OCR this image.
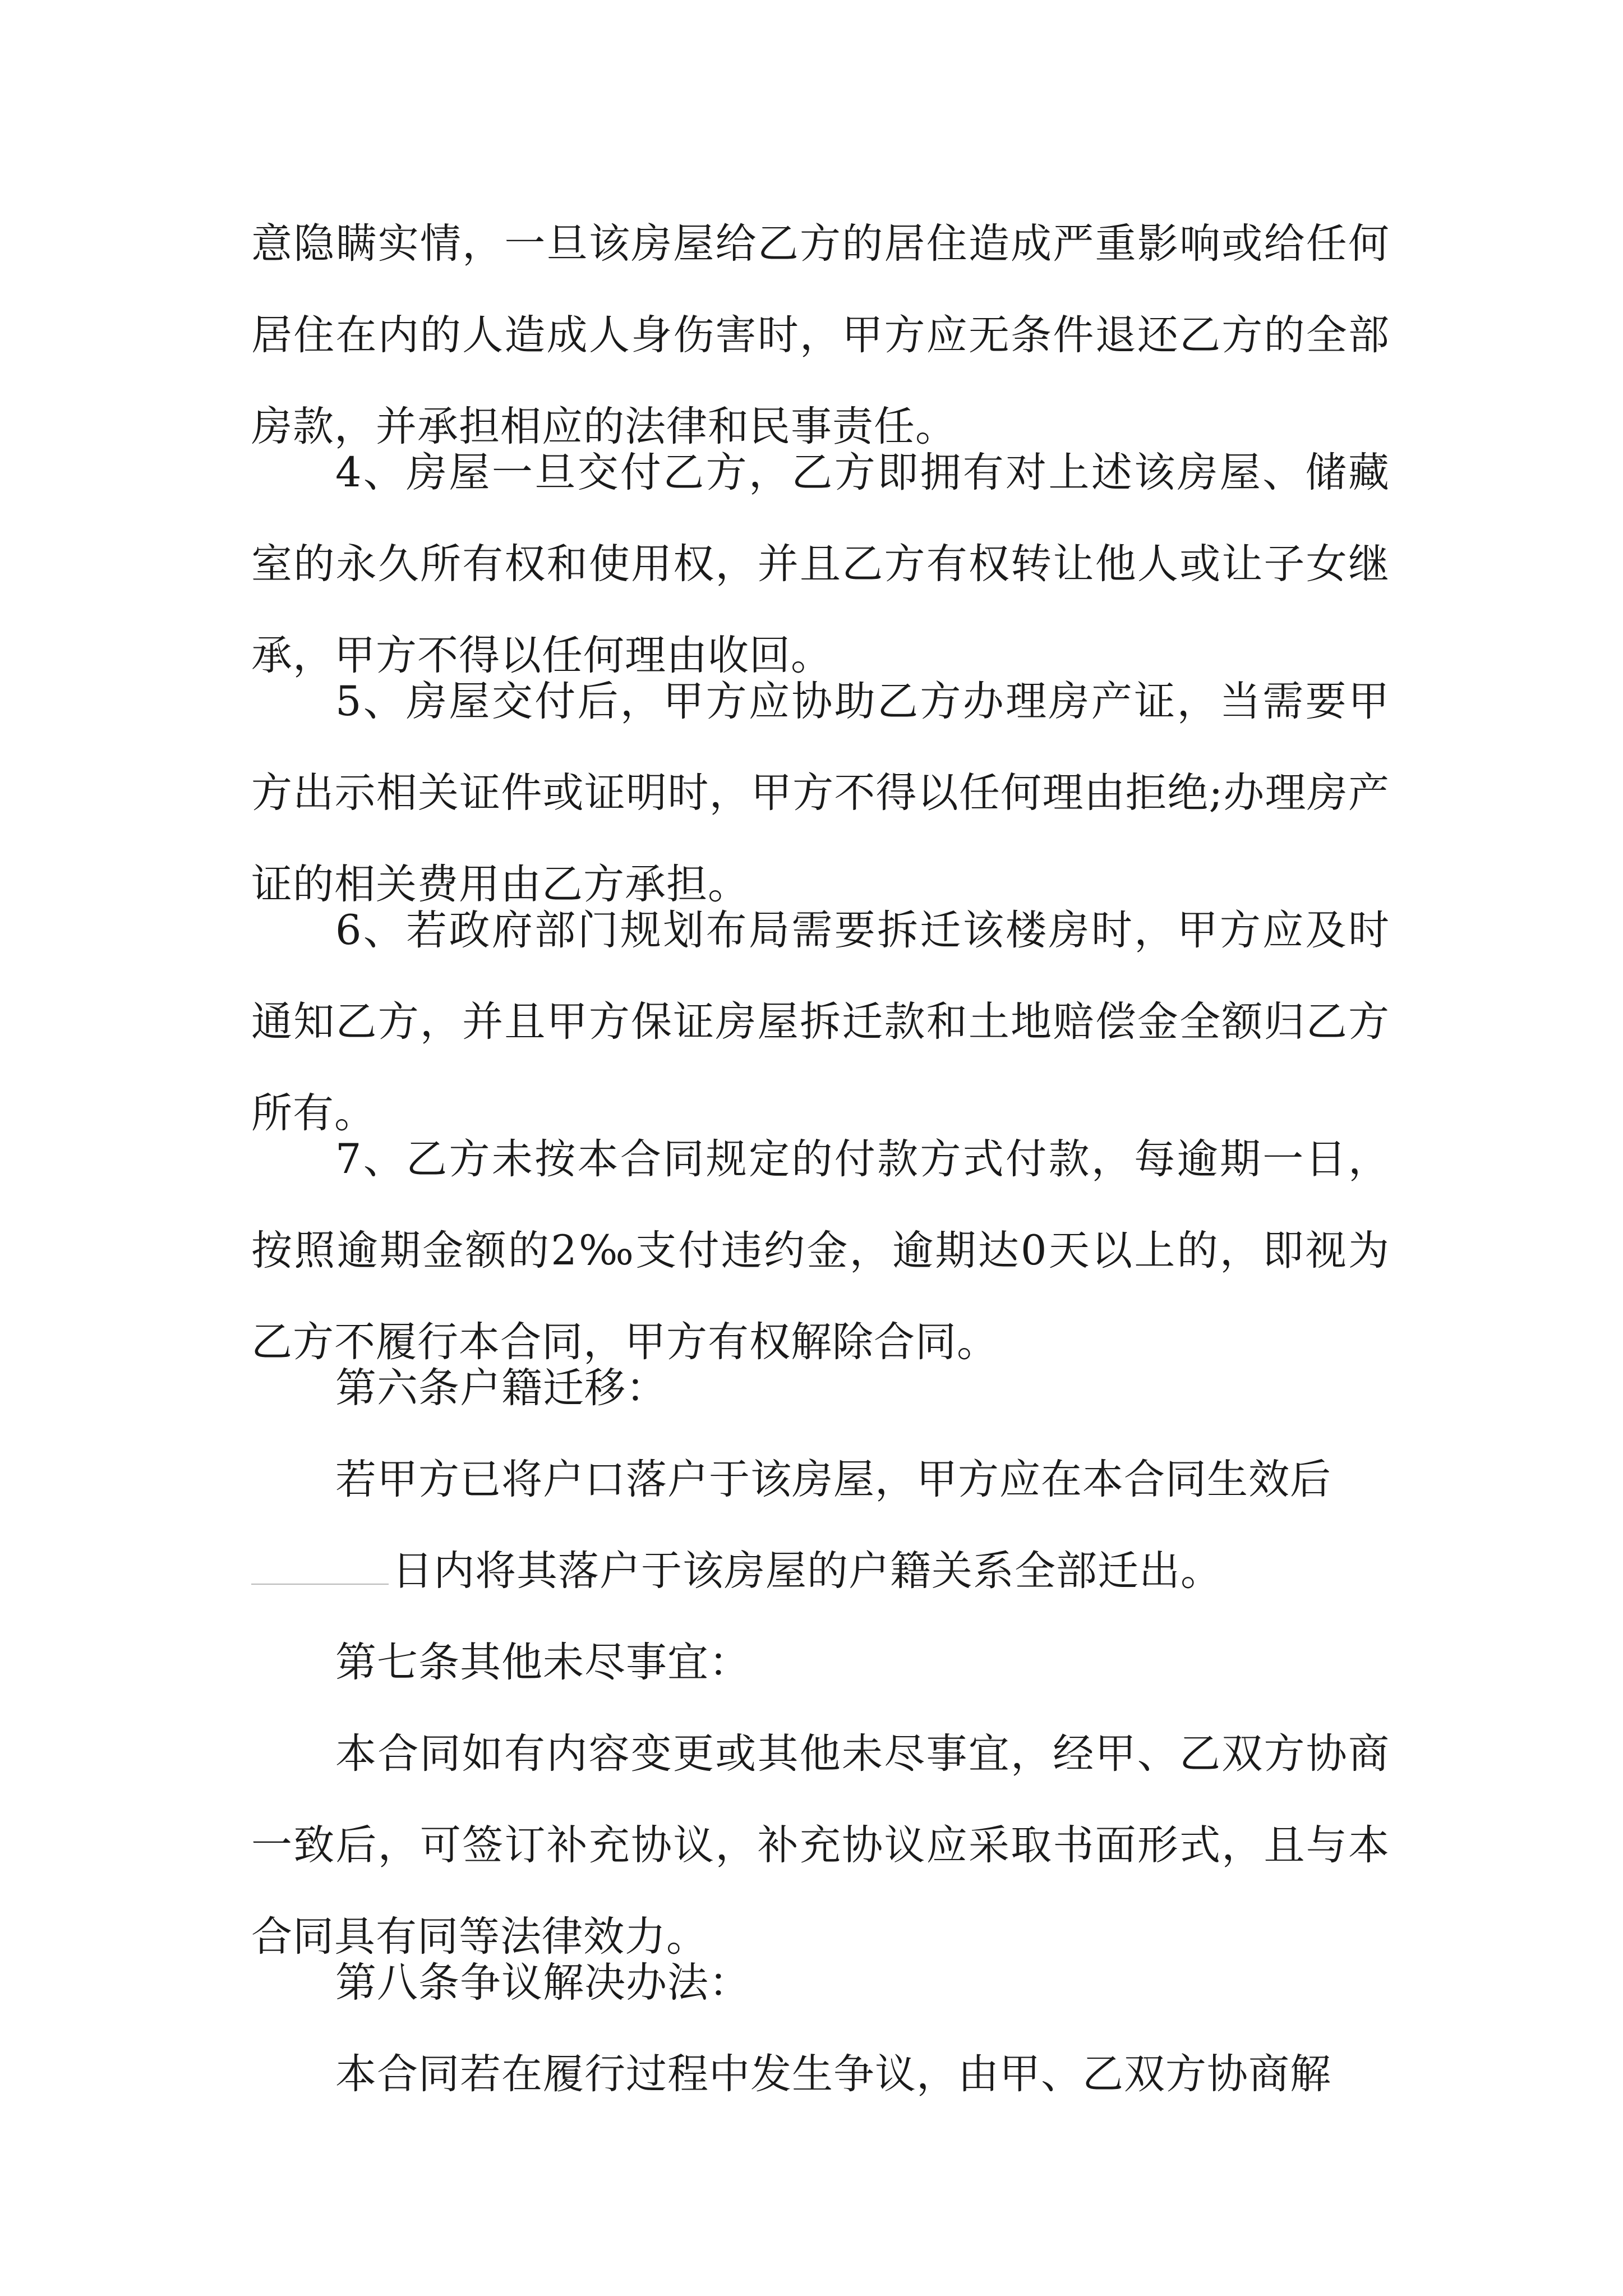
意隐瞒实情，一旦该房屋给乙方的居住造成严重影响或给任何居住在内的人造成人身伤害时，甲方应无条件退还乙方的全部房款，并承担相应的法律和民事责任。

4、房屋一旦交付乙方，乙方即拥有对上述该房屋、储藏室的永久所有权和使用权，并且乙方有权转让他人或让子女继承，甲方不得以任何理由收回。

5、房屋交付后，甲方应协助乙方办理房产证，当需要甲方出示相关证件或证明时，甲方不得以任何理由拒绝;办理房产证的相关费用由乙方承担。

6、若政府部门规划布局需要拆迁该楼房时，甲方应及时通知乙方，并且甲方保证房屋拆迁款和土地赔偿金全额归乙方所有。

7、乙方未按本合同规定的付款方式付款，每逾期一日，按照逾期金额的2‰支付违约金，逾期达0天以上的，即视为乙方不履行本合同，甲方有权解除合同。

第六条户籍迁移：

若甲方已将户口落户于该房屋，甲方应在本合同生效后

日内将其落户于该房屋的户籍关系全部迁出。

第七条其他未尽事宜：

本合同如有内容变更或其他未尽事宜，经甲、乙双方协商一致后，可签订补充协议，补充协议应采取书面形式，且与本合同具有同等法律效力。

第八条争议解决办法：

本合同若在履行过程中发生争议，由甲、乙双方协商解
